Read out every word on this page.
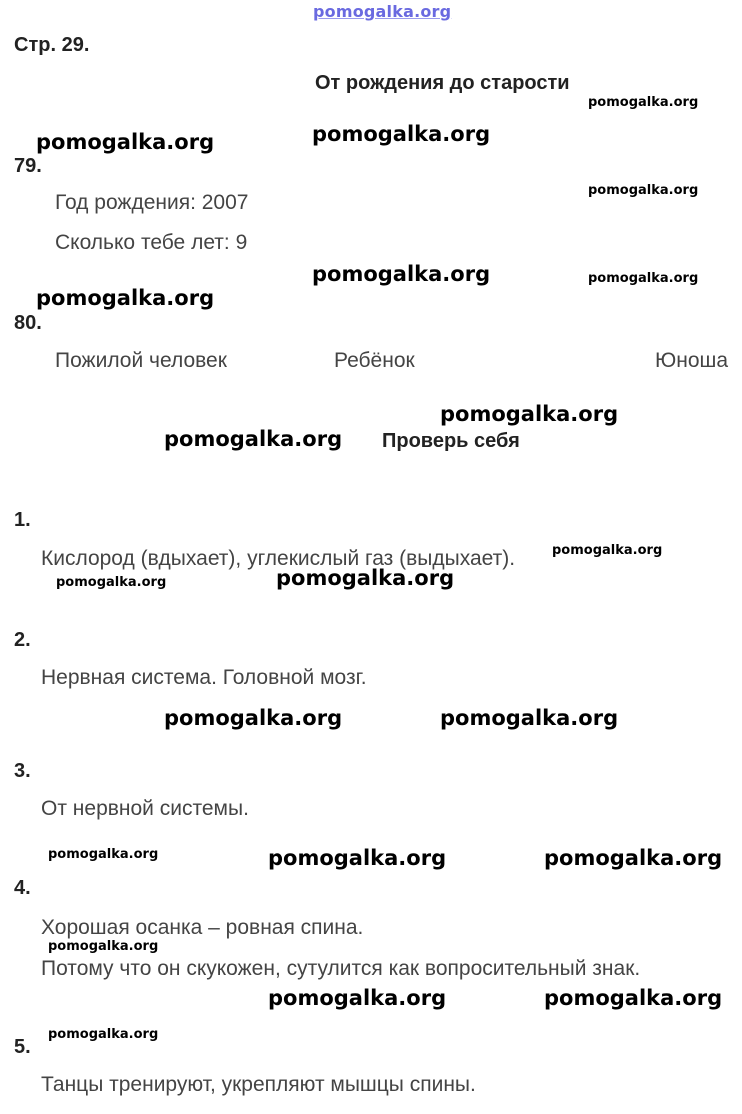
pomogalka.org
Стр. 29.
От рождения до старости
79.
Год рождения: 2007
Сколько тебе лет: 9
80.
Пожилой человек	Ребёнок	Юноша
Проверь себя
1.
Кислород (вдыхает), углекислый газ (выдыхает).
2.
Нервная система. Головной мозг.
3.
От нервной системы.
4.
Хорошая осанка – ровная спина.
Потому что он скукожен, сутулится как вопросительный знак.
5.
Танцы тренируют, укрепляют мышцы спины.
pomogalka.org	pomogalka.org
pomogalka.org
pomogalka.org
pomogalka.org
pomogalka.org
pomogalka.org
pomogalka.org	pomogalka.org
pomogalka.org	pomogalka.org
pomogalka.org	pomogalka.org
pomogalka.org
pomogalka.org
pomogalka.org
pomogalka.org
pomogalka.org
pomogalka.org
pomogalka.org
pomogalka.org
